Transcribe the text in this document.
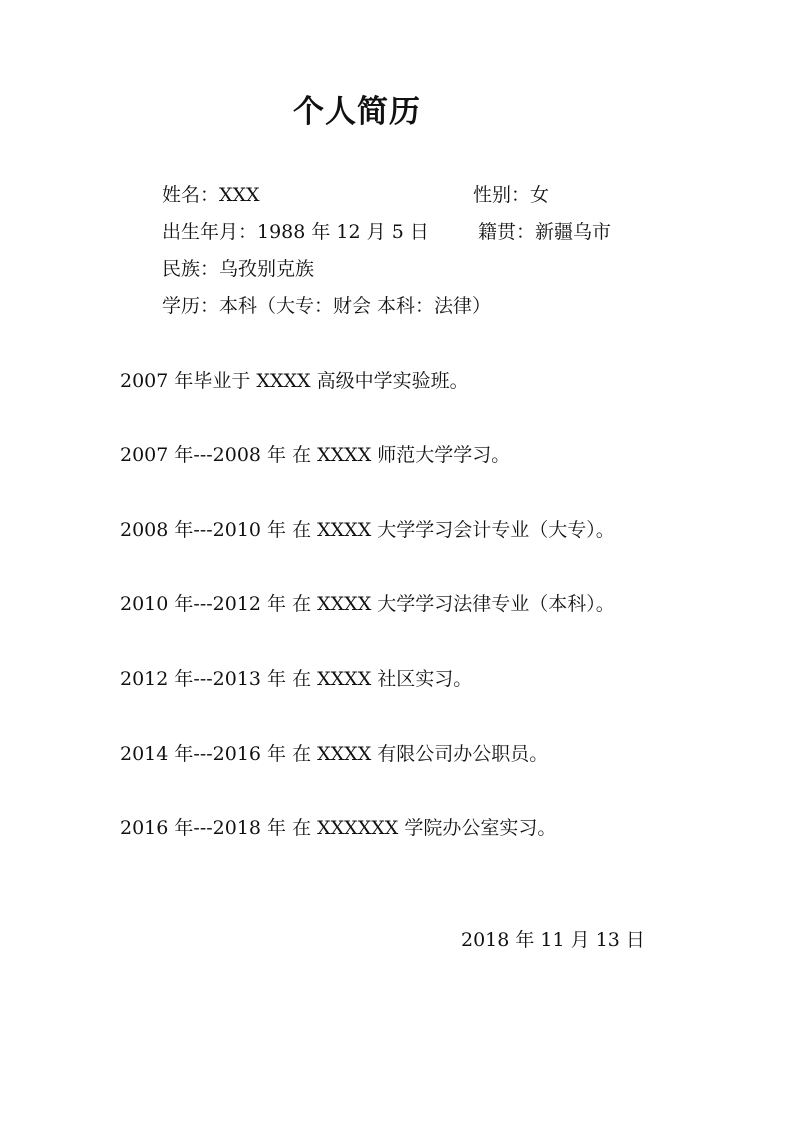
个人简历
姓名：XXX	性别：女
出生年月：1988 年 12 月 5 日	籍贯：新疆乌市
民族：乌孜别克族
学历：本科（大专：财会 本科：法律）
2007 年毕业于 XXXX 高级中学实验班。
2007 年---2008 年 在 XXXX 师范大学学习。
2008 年---2010 年 在 XXXX 大学学习会计专业（大专）。
2010 年---2012 年 在 XXXX 大学学习法律专业（本科）。
2012 年---2013 年 在 XXXX 社区实习。
2014 年---2016 年 在 XXXX 有限公司办公职员。
2016 年---2018 年 在 XXXXXX 学院办公室实习。
2018 年 11 月 13 日
